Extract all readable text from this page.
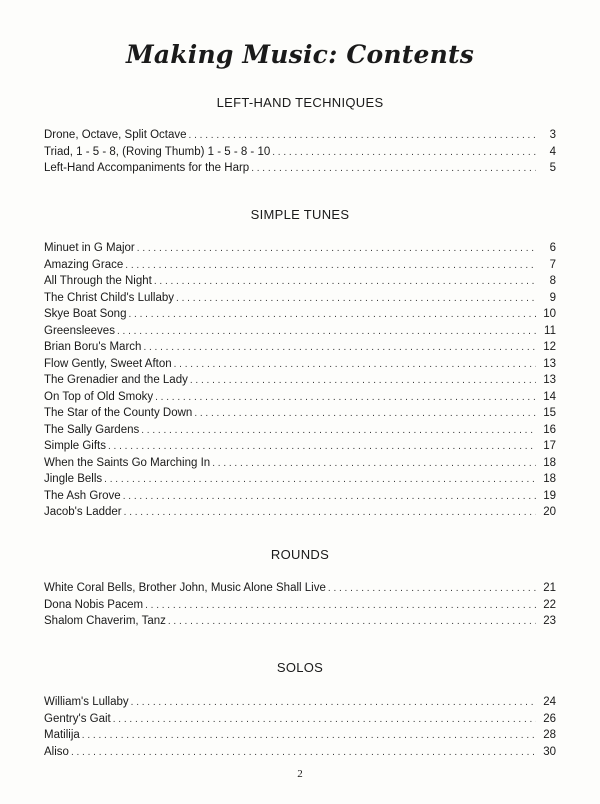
Making Music: Contents
LEFT-HAND TECHNIQUES
Drone, Octave, Split Octave . . .	3
Triad, 1 - 5 - 8, (Roving Thumb) 1 - 5 - 8 - 10 . . .	4
Left-Hand Accompaniments for the Harp . . .	5
SIMPLE TUNES
Minuet in G Major . . .	6
Amazing Grace . . .	7
All Through the Night . . .	8
The Christ Child's Lullaby . . .	9
Skye Boat Song . . .	10
Greensleeves . . .	11
Brian Boru's March . . .	12
Flow Gently, Sweet Afton . . .	13
The Grenadier and the Lady . . .	13
On Top of Old Smoky . . .	14
The Star of the County Down . . .	15
The Sally Gardens . . .	16
Simple Gifts . . .	17
When the Saints Go Marching In . . .	18
Jingle Bells . . .	18
The Ash Grove . . .	19
Jacob's Ladder . . .	20
ROUNDS
White Coral Bells, Brother John, Music Alone Shall Live . . .	21
Dona Nobis Pacem . . .	22
Shalom Chaverim, Tanz . . .	23
SOLOS
William's Lullaby . . .	24
Gentry's Gait . . .	26
Matilija . . .	28
Aliso . . .	30
2
